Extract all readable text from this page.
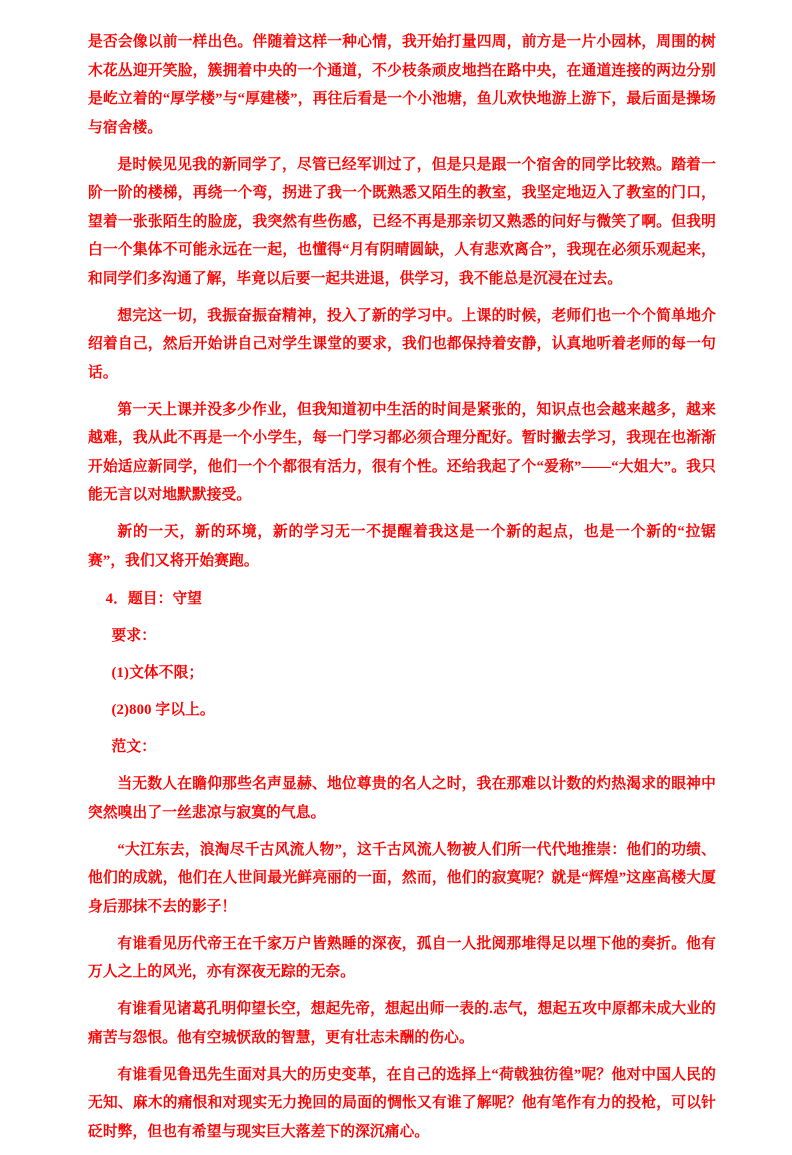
是否会像以前一样出色。伴随着这样一种心情，我开始打量四周，前方是一片小园林，周围的树木花丛迎开笑脸，簇拥着中央的一个通道，不少枝条顽皮地挡在路中央，在通道连接的两边分别是屹立着的“厚学楼”与“厚建楼”，再往后看是一个小池塘，鱼儿欢快地游上游下，最后面是操场与宿舍楼。

是时候见见我的新同学了，尽管已经军训过了，但是只是跟一个宿舍的同学比较熟。踏着一阶一阶的楼梯，再绕一个弯，拐进了我一个既熟悉又陌生的教室，我坚定地迈入了教室的门口，望着一张张陌生的脸庞，我突然有些伤感，已经不再是那亲切又熟悉的问好与微笑了啊。但我明白一个集体不可能永远在一起，也懂得“月有阴晴圆缺，人有悲欢离合”，我现在必须乐观起来，和同学们多沟通了解，毕竟以后要一起共进退，供学习，我不能总是沉浸在过去。

想完这一切，我振奋振奋精神，投入了新的学习中。上课的时候，老师们也一个个简单地介绍着自己，然后开始讲自己对学生课堂的要求，我们也都保持着安静，认真地听着老师的每一句话。

第一天上课并没多少作业，但我知道初中生活的时间是紧张的，知识点也会越来越多，越来越难，我从此不再是一个小学生，每一门学习都必须合理分配好。暂时撇去学习，我现在也渐渐开始适应新同学，他们一个个都很有活力，很有个性。还给我起了个“爱称”——“大姐大”。我只能无言以对地默默接受。

新的一天，新的环境，新的学习无一不提醒着我这是一个新的起点，也是一个新的“拉锯赛”，我们又将开始赛跑。

4．题目：守望

要求：

(1)文体不限；

(2)800 字以上。

范文：

当无数人在瞻仰那些名声显赫、地位尊贵的名人之时，我在那难以计数的灼热渴求的眼神中突然嗅出了一丝悲凉与寂寞的气息。

“大江东去，浪淘尽千古风流人物”，这千古风流人物被人们所一代代地推崇：他们的功绩、他们的成就，他们在人世间最光鲜亮丽的一面，然而，他们的寂寞呢？就是“辉煌”这座高楼大厦身后那抹不去的影子！

有谁看见历代帝王在千家万户皆熟睡的深夜，孤自一人批阅那堆得足以埋下他的奏折。他有万人之上的风光，亦有深夜无踪的无奈。

有谁看见诸葛孔明仰望长空，想起先帝，想起出师一表的.志气，想起五攻中原都未成大业的痛苦与怨恨。他有空城恹敌的智慧，更有壮志未酬的伤心。

有谁看见鲁迅先生面对具大的历史变革，在自己的选择上“荷戟独彷徨”呢？他对中国人民的无知、麻木的痛恨和对现实无力挽回的局面的惆怅又有谁了解呢？他有笔作有力的投枪，可以针砭时弊，但也有希望与现实巨大落差下的深沉痛心。
